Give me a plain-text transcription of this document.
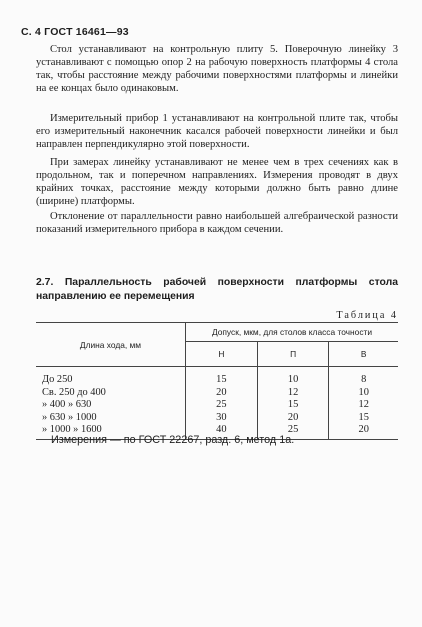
С. 4 ГОСТ 16461—93
Стол устанавливают на контрольную плиту 5. Поверочную линейку 3 устанавливают с помощью опор 2 на рабочую поверхность платформы 4 стола так, чтобы расстояние между рабочими поверхностями платформы и линейки на ее концах было одинаковым.
Измерительный прибор 1 устанавливают на контрольной плите так, чтобы его измерительный наконечник касался рабочей поверхности линейки и был направлен перпендикулярно этой поверхности.
При замерах линейку устанавливают не менее чем в трех сечениях как в продольном, так и поперечном направлениях. Измерения проводят в двух крайних точках, расстояние между которыми должно быть равно длине (ширине) платформы.
Отклонение от параллельности равно наибольшей алгебраической разности показаний измерительного прибора в каждом сечении.
2.7. Параллельность рабочей поверхности платформы стола направлению ее перемещения
Таблица 4
Длина хода, мм	Допуск, мкм, для столов класса точности		
	Н	П	В
До 250	15	10	8
Св. 250 до 400	20	12	10
» 400 » 630	25	15	12
» 630 » 1000	30	20	15
» 1000 » 1600	40	25	20
Измерения — по ГОСТ 22267, разд. 6, метод 1а.
